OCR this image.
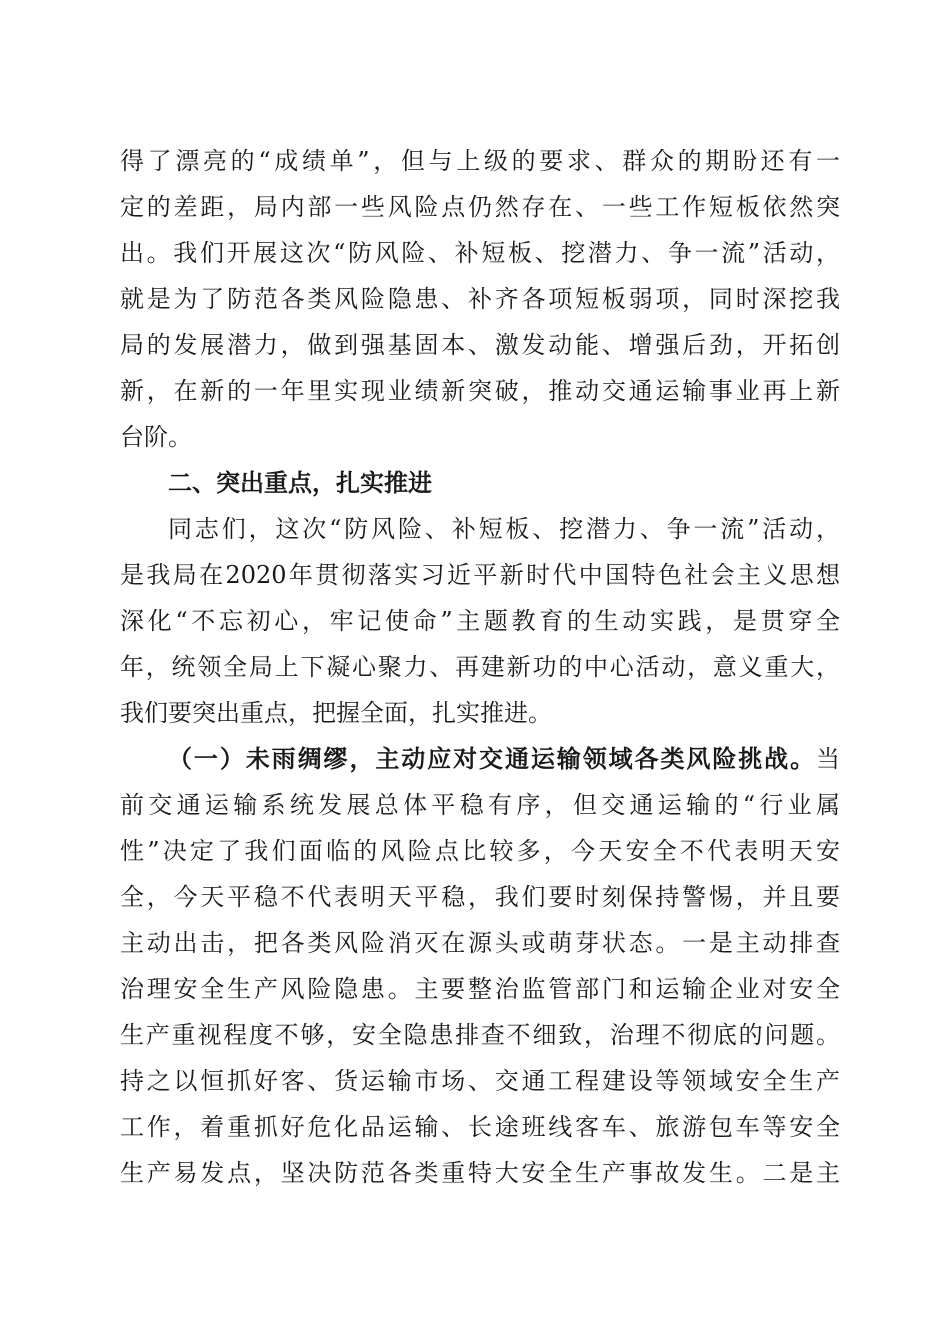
得了漂亮的“成绩单”，但与上级的要求、群众的期盼还有一
定的差距，局内部一些风险点仍然存在、一些工作短板依然突
出。我们开展这次“防风险、补短板、挖潜力、争一流”活动，
就是为了防范各类风险隐患、补齐各项短板弱项，同时深挖我
局的发展潜力，做到强基固本、激发动能、增强后劲，开拓创
新，在新的一年里实现业绩新突破，推动交通运输事业再上新
台阶。
二、突出重点，扎实推进
同志们，这次“防风险、补短板、挖潜力、争一流”活动，
是我局在2020年贯彻落实习近平新时代中国特色社会主义思想
深化“不忘初心，牢记使命”主题教育的生动实践，是贯穿全
年，统领全局上下凝心聚力、再建新功的中心活动，意义重大，
我们要突出重点，把握全面，扎实推进。
（一）未雨绸缪，主动应对交通运输领域各类风险挑战。当
前交通运输系统发展总体平稳有序，但交通运输的“行业属
性”决定了我们面临的风险点比较多，今天安全不代表明天安
全，今天平稳不代表明天平稳，我们要时刻保持警惕，并且要
主动出击，把各类风险消灭在源头或萌芽状态。一是主动排查
治理安全生产风险隐患。主要整治监管部门和运输企业对安全
生产重视程度不够，安全隐患排查不细致，治理不彻底的问题。
持之以恒抓好客、货运输市场、交通工程建设等领域安全生产
工作，着重抓好危化品运输、长途班线客车、旅游包车等安全
生产易发点，坚决防范各类重特大安全生产事故发生。二是主
